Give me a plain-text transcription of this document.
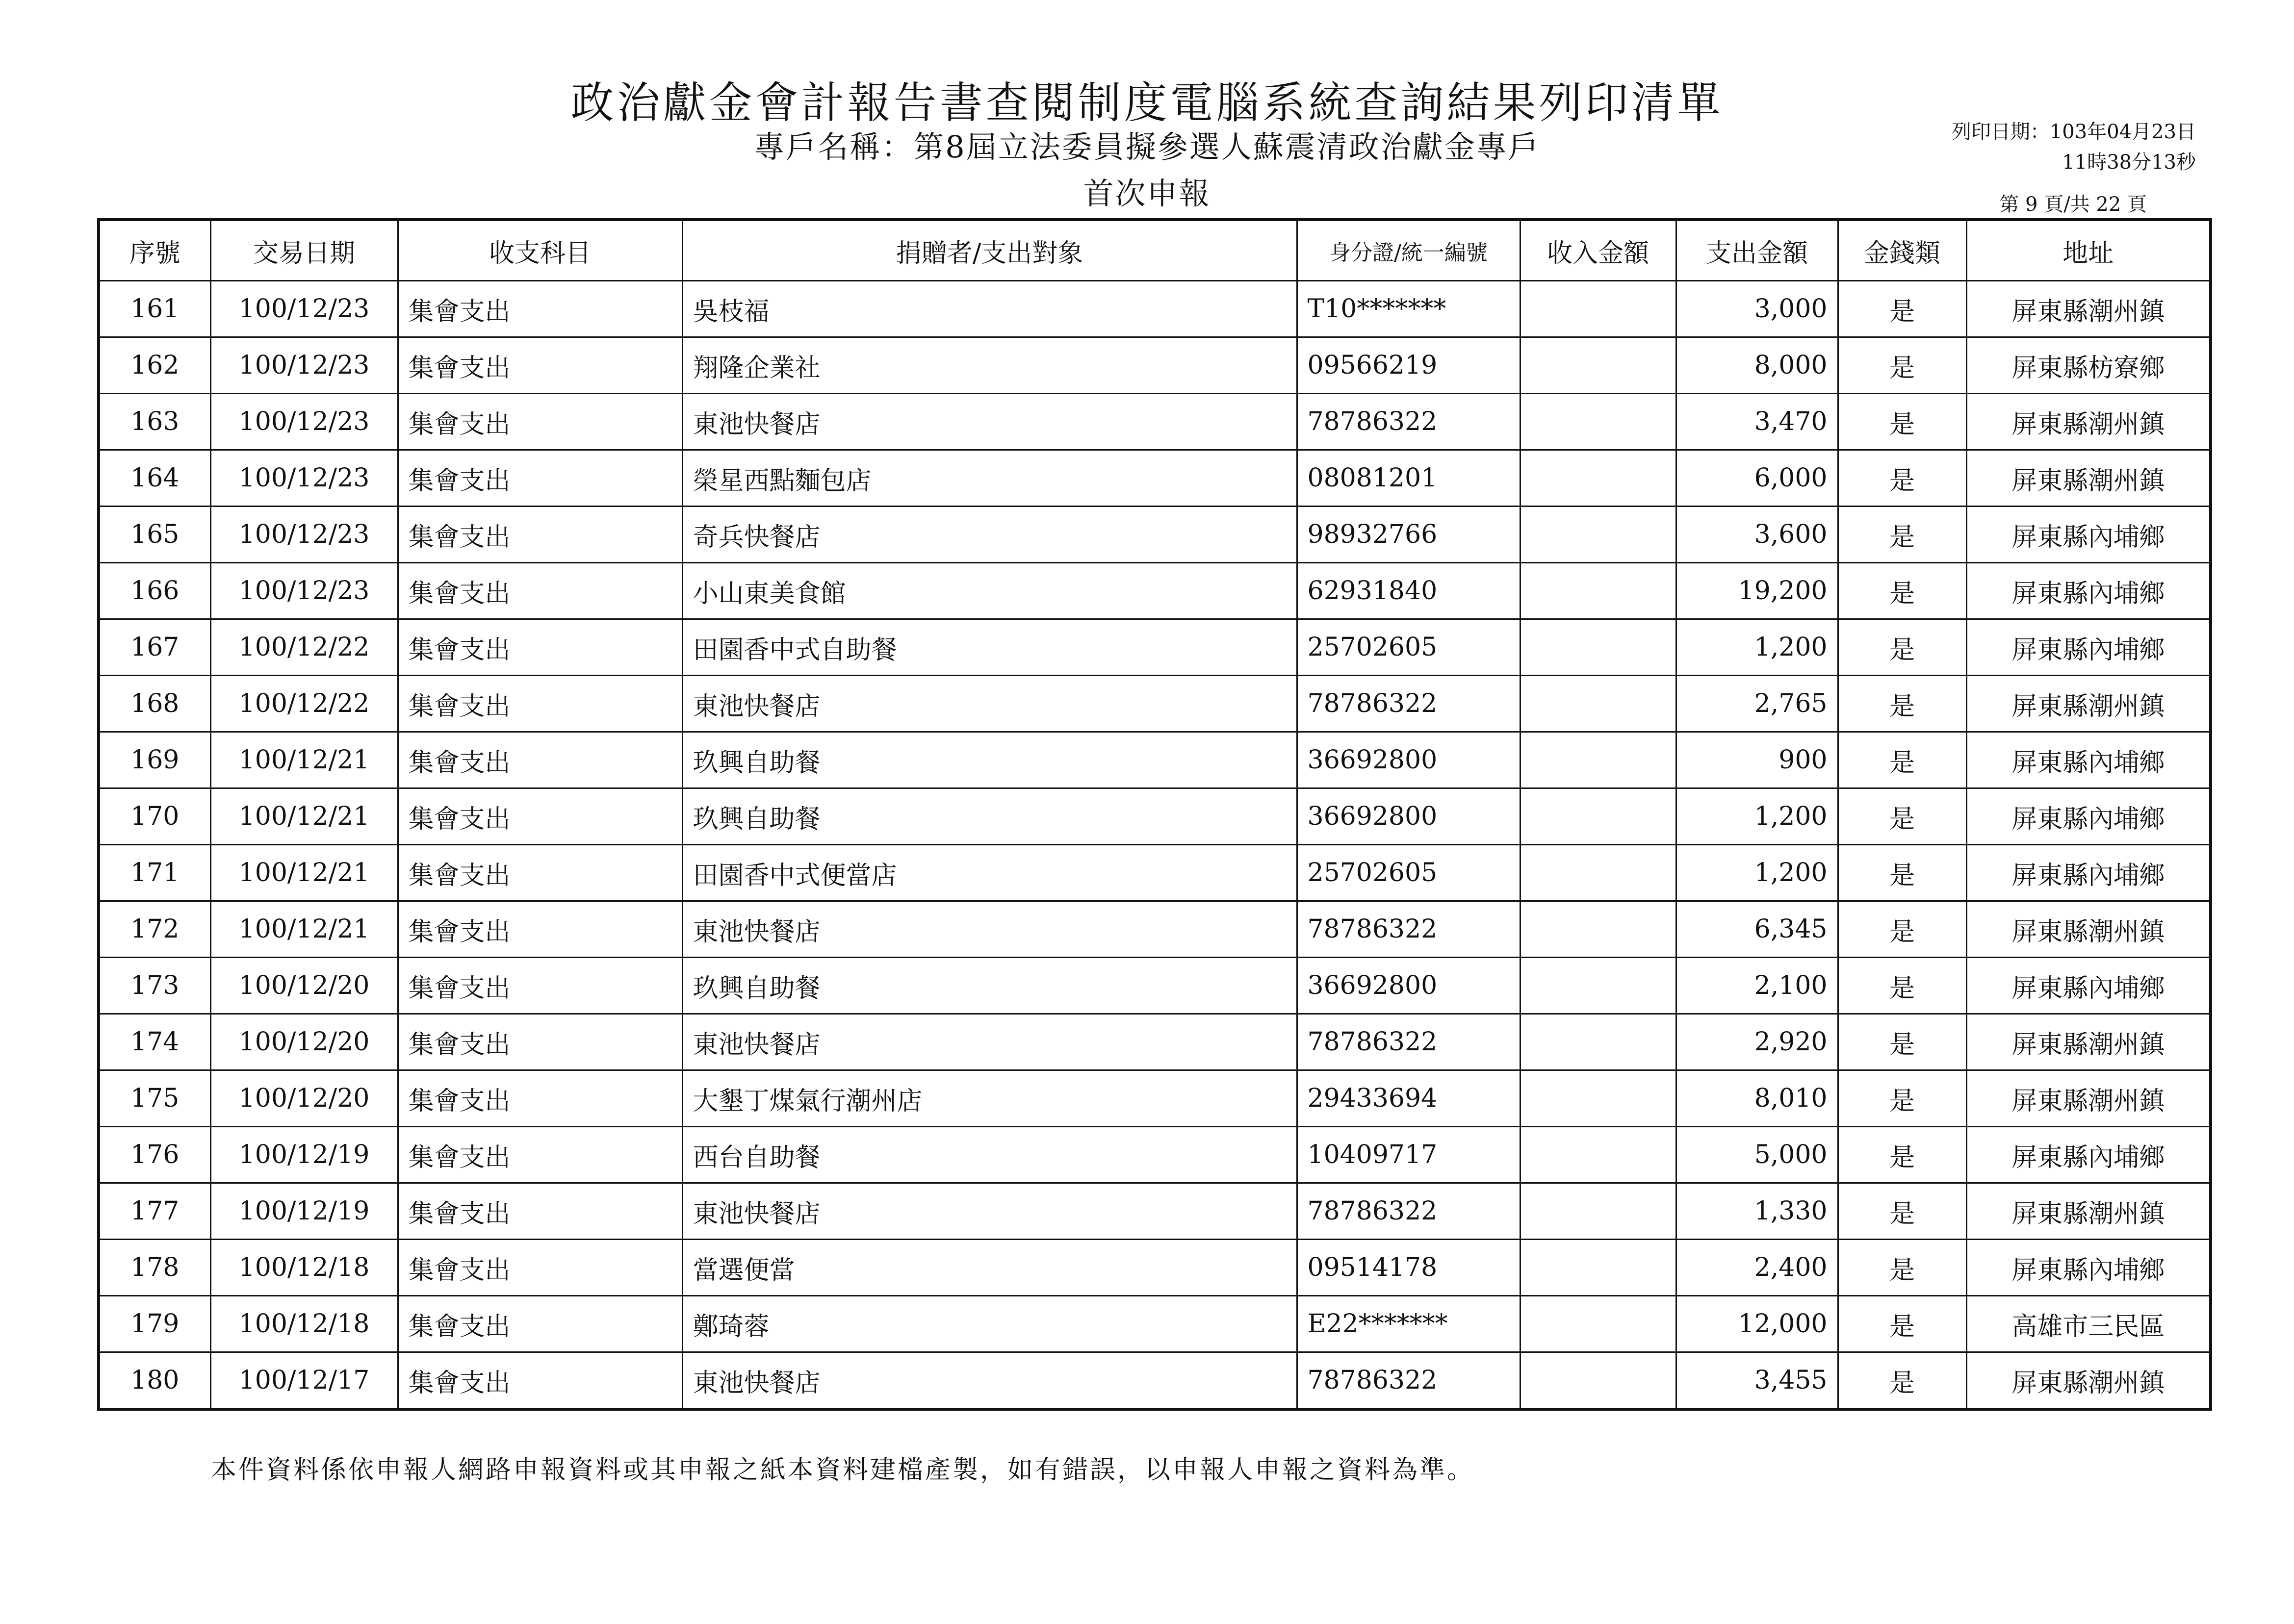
政治獻金會計報告書查閱制度電腦系統查詢結果列印清單
專戶名稱：第8屆立法委員擬參選人蘇震清政治獻金專戶
首次申報
列印日期：103年04月23日
11時38分13秒
第 9 頁/共 22 頁
序號	交易日期	收支科目	捐贈者/支出對象	身分證/統一編號	收入金額	支出金額	金錢類	地址
161	100/12/23	集會支出	吳枝福	T10*******		3,000	是	屏東縣潮州鎮
162	100/12/23	集會支出	翔隆企業社	09566219		8,000	是	屏東縣枋寮鄉
163	100/12/23	集會支出	東池快餐店	78786322		3,470	是	屏東縣潮州鎮
164	100/12/23	集會支出	榮星西點麵包店	08081201		6,000	是	屏東縣潮州鎮
165	100/12/23	集會支出	奇兵快餐店	98932766		3,600	是	屏東縣內埔鄉
166	100/12/23	集會支出	小山東美食館	62931840		19,200	是	屏東縣內埔鄉
167	100/12/22	集會支出	田園香中式自助餐	25702605		1,200	是	屏東縣內埔鄉
168	100/12/22	集會支出	東池快餐店	78786322		2,765	是	屏東縣潮州鎮
169	100/12/21	集會支出	玖興自助餐	36692800		900	是	屏東縣內埔鄉
170	100/12/21	集會支出	玖興自助餐	36692800		1,200	是	屏東縣內埔鄉
171	100/12/21	集會支出	田園香中式便當店	25702605		1,200	是	屏東縣內埔鄉
172	100/12/21	集會支出	東池快餐店	78786322		6,345	是	屏東縣潮州鎮
173	100/12/20	集會支出	玖興自助餐	36692800		2,100	是	屏東縣內埔鄉
174	100/12/20	集會支出	東池快餐店	78786322		2,920	是	屏東縣潮州鎮
175	100/12/20	集會支出	大墾丁煤氣行潮州店	29433694		8,010	是	屏東縣潮州鎮
176	100/12/19	集會支出	西台自助餐	10409717		5,000	是	屏東縣內埔鄉
177	100/12/19	集會支出	東池快餐店	78786322		1,330	是	屏東縣潮州鎮
178	100/12/18	集會支出	當選便當	09514178		2,400	是	屏東縣內埔鄉
179	100/12/18	集會支出	鄭琦蓉	E22*******		12,000	是	高雄市三民區
180	100/12/17	集會支出	東池快餐店	78786322		3,455	是	屏東縣潮州鎮
本件資料係依申報人網路申報資料或其申報之紙本資料建檔產製，如有錯誤，以申報人申報之資料為準。
